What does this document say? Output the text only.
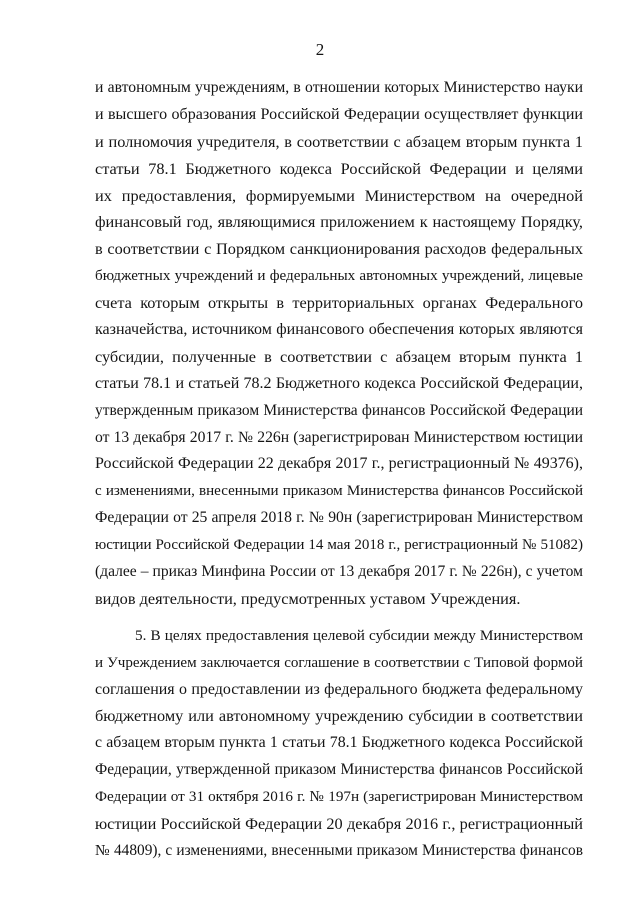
2
и автономным учреждениям, в отношении которых Министерство науки
и высшего образования Российской Федерации осуществляет функции
и полномочия учредителя, в соответствии с абзацем вторым пункта 1
статьи 78.1 Бюджетного кодекса Российской Федерации и целями
их предоставления, формируемыми Министерством на очередной
финансовый год, являющимися приложением к настоящему Порядку,
в соответствии с Порядком санкционирования расходов федеральных
бюджетных учреждений и федеральных автономных учреждений, лицевые
счета которым открыты в территориальных органах Федерального
казначейства, источником финансового обеспечения которых являются
субсидии, полученные в соответствии с абзацем вторым пункта 1
статьи 78.1 и статьей 78.2 Бюджетного кодекса Российской Федерации,
утвержденным приказом Министерства финансов Российской Федерации
от 13 декабря 2017 г. № 226н (зарегистрирован Министерством юстиции
Российской Федерации 22 декабря 2017 г., регистрационный № 49376),
с изменениями, внесенными приказом Министерства финансов Российской
Федерации от 25 апреля 2018 г. № 90н (зарегистрирован Министерством
юстиции Российской Федерации 14 мая 2018 г., регистрационный № 51082)
(далее – приказ Минфина России от 13 декабря 2017 г. № 226н), с учетом
видов деятельности, предусмотренных уставом Учреждения.
5. В целях предоставления целевой субсидии между Министерством
и Учреждением заключается соглашение в соответствии с Типовой формой
соглашения о предоставлении из федерального бюджета федеральному
бюджетному или автономному учреждению субсидии в соответствии
с абзацем вторым пункта 1 статьи 78.1 Бюджетного кодекса Российской
Федерации, утвержденной приказом Министерства финансов Российской
Федерации от 31 октября 2016 г. № 197н (зарегистрирован Министерством
юстиции Российской Федерации 20 декабря 2016 г., регистрационный
№ 44809), с изменениями, внесенными приказом Министерства финансов
